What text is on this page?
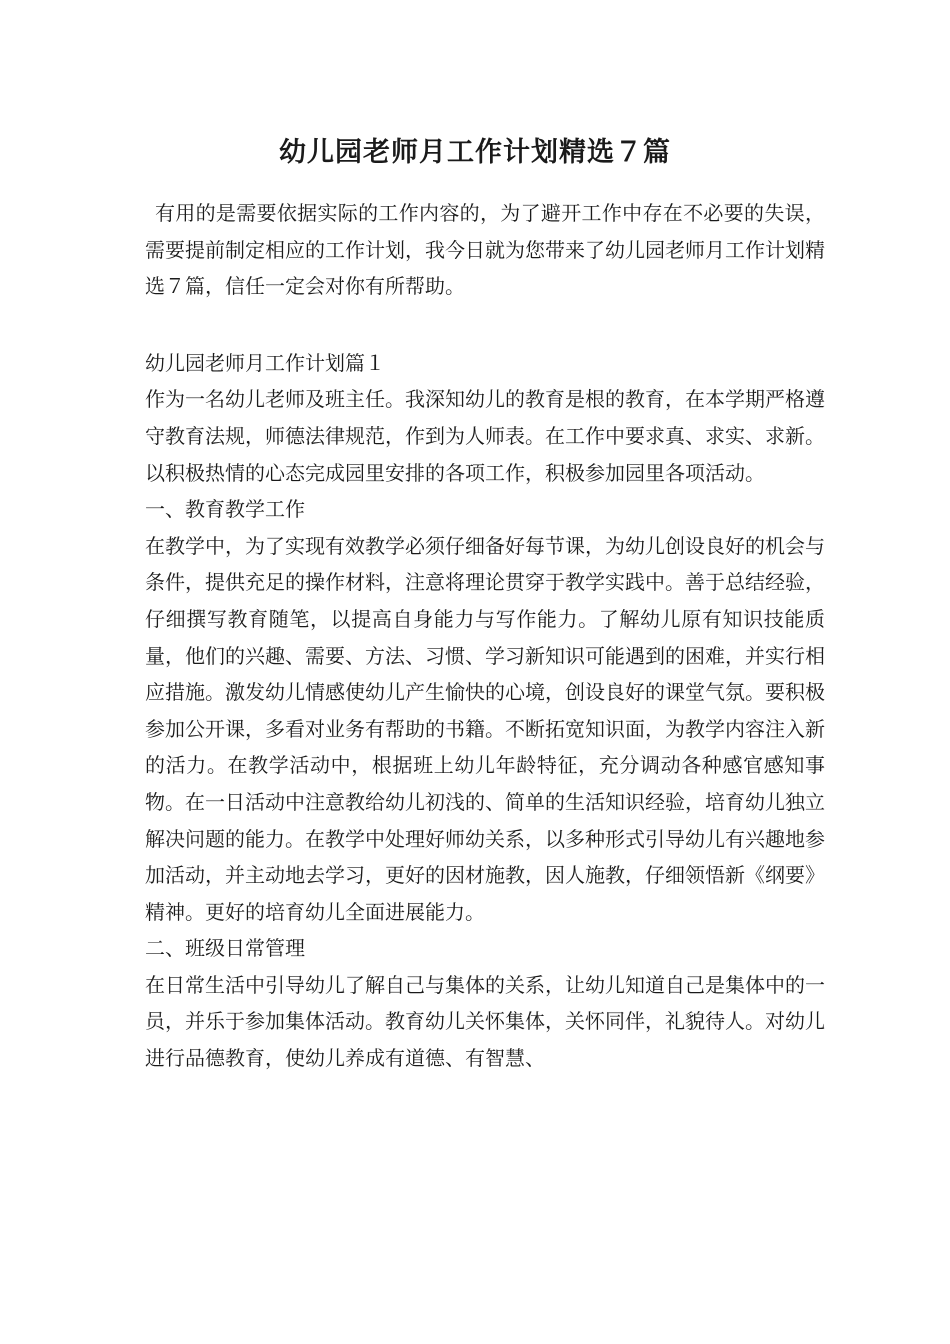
幼儿园老师月工作计划精选７篇

有用的是需要依据实际的工作内容的，为了避开工作中存在不必要的失误，需要提前制定相应的工作计划，我今日就为您带来了幼儿园老师月工作计划精选７篇，信任一定会对你有所帮助。

幼儿园老师月工作计划篇１

作为一名幼儿老师及班主任。我深知幼儿的教育是根的教育，在本学期严格遵守教育法规，师德法律规范，作到为人师表。在工作中要求真、求实、求新。以积极热情的心态完成园里安排的各项工作，积极参加园里各项活动。

一、教育教学工作

在教学中，为了实现有效教学必须仔细备好每节课，为幼儿创设良好的机会与条件，提供充足的操作材料，注意将理论贯穿于教学实践中。善于总结经验，仔细撰写教育随笔，以提高自身能力与写作能力。了解幼儿原有知识技能质量，他们的兴趣、需要、方法、习惯、学习新知识可能遇到的困难，并实行相应措施。激发幼儿情感使幼儿产生愉快的心境，创设良好的课堂气氛。要积极参加公开课，多看对业务有帮助的书籍。不断拓宽知识面，为教学内容注入新的活力。在教学活动中，根据班上幼儿年龄特征，充分调动各种感官感知事物。在一日活动中注意教给幼儿初浅的、简单的生活知识经验，培育幼儿独立解决问题的能力。在教学中处理好师幼关系，以多种形式引导幼儿有兴趣地参加活动，并主动地去学习，更好的因材施教，因人施教，仔细领悟新《纲要》精神。更好的培育幼儿全面进展能力。

二、班级日常管理

在日常生活中引导幼儿了解自己与集体的关系，让幼儿知道自己是集体中的一员，并乐于参加集体活动。教育幼儿关怀集体，关怀同伴，礼貌待人。对幼儿进行品德教育，使幼儿养成有道德、有智慧、
